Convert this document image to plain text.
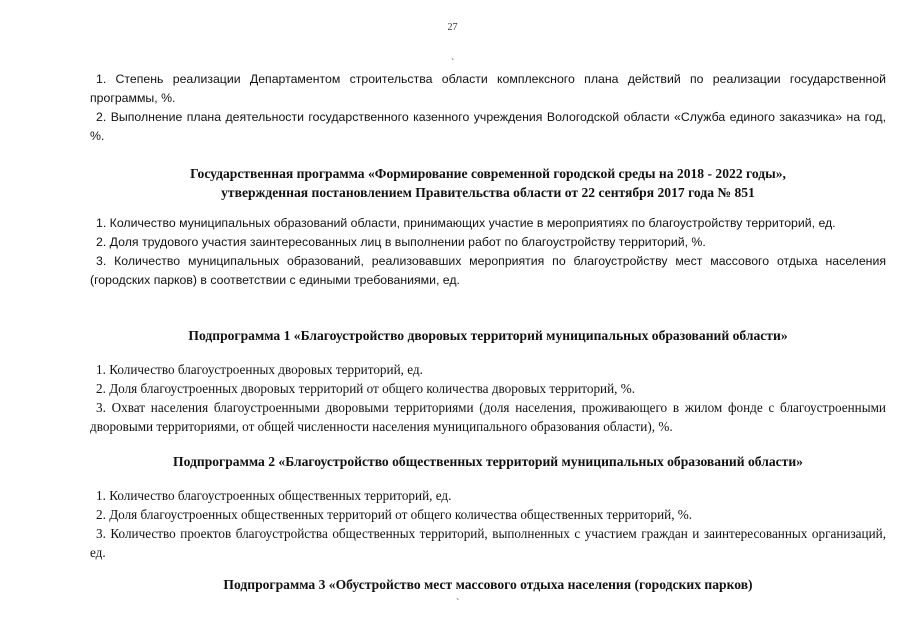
27
`

1. Степень реализации Департаментом строительства области комплексного плана действий по реализации государственной программы, %.

2. Выполнение плана деятельности государственного казенного учреждения Вологодской области «Служба единого заказчика» на год, %.

Государственная программа «Формирование современной городской среды на 2018 - 2022 годы»,

утвержденная постановлением Правительства области от 22 сентября 2017 года № 851

`

1. Количество муниципальных образований области, принимающих участие в мероприятиях по благоустройству территорий, ед.

2. Доля трудового участия заинтересованных лиц в выполнении работ по благоустройству территорий, %.

3. Количество муниципальных образований, реализовавших мероприятия по благоустройству мест массового отдыха населения (городских парков) в соответствии с едиными требованиями, ед.

Подпрограмма 1 «Благоустройство дворовых территорий муниципальных образований области»

1. Количество благоустроенных дворовых территорий, ед.

2. Доля благоустроенных дворовых территорий от общего количества дворовых территорий, %.

3. Охват населения благоустроенными дворовыми территориями (доля населения, проживающего в жилом фонде с благоустроенными дворовыми территориями, от общей численности населения муниципального образования области), %.

Подпрограмма 2 «Благоустройство общественных территорий муниципальных образований области»

1. Количество благоустроенных общественных территорий, ед.

2. Доля благоустроенных общественных территорий от общего количества общественных территорий, %.

3. Количество проектов благоустройства общественных территорий, выполненных с участием граждан и заинтересованных организаций, ед.

Подпрограмма 3 «Обустройство мест массового отдыха населения (городских парков)

`
